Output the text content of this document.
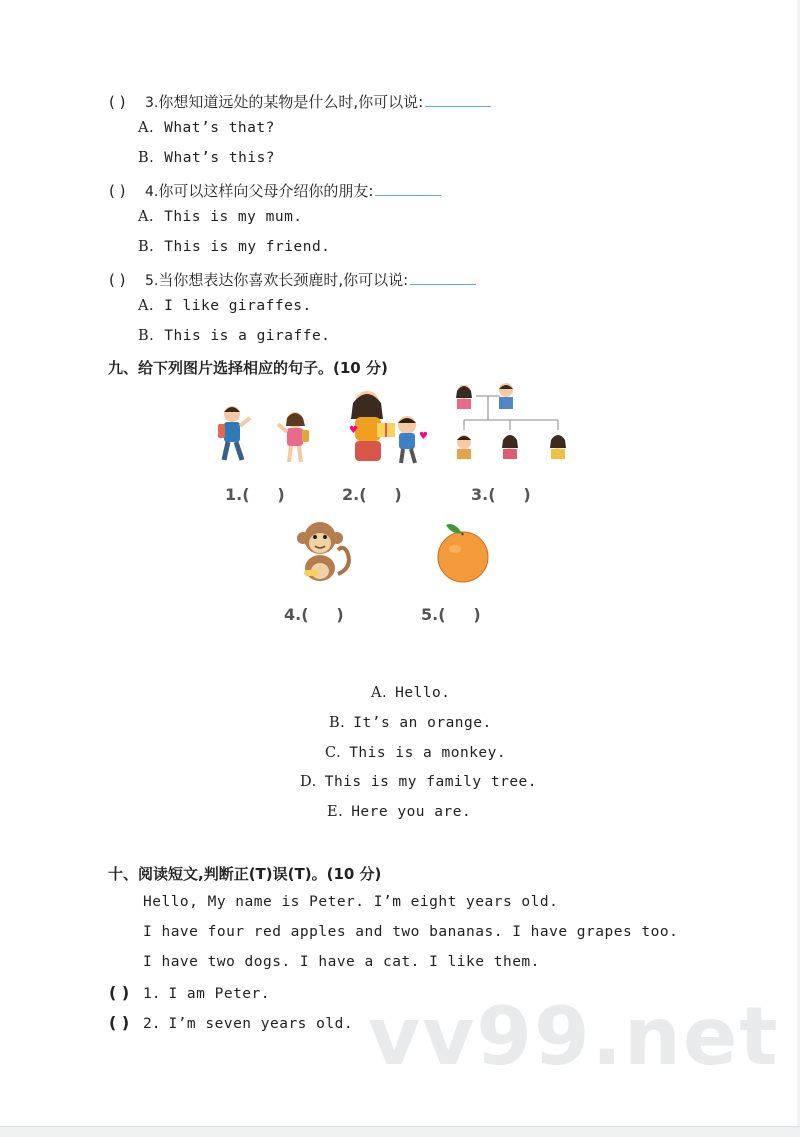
( )	3. 你想知道远处的某物是什么时,你可以说:
A. What’s that?
B. What’s this?
( )	4. 你可以这样向父母介绍你的朋友:
A. This is my mum.
B. This is my friend.
( )	5. 当你想表达你喜欢长颈鹿时,你可以说:
A. I like giraffes.
B. This is a giraffe.
九、给下列图片选择相应的句子。(10 分)
♥
♥
1.(     )	2.(     )	3.(     )
4.(     )	5.(     )
A. Hello.
B. It’s an orange.
C. This is a monkey.
D. This is my family tree.
E. Here you are.
十、阅读短文,判断正(T)误(T)。(10 分)
Hello, My name is Peter. I’m eight years old.
I have four red apples and two bananas. I have grapes too.
I have two dogs. I have a cat. I like them.
( ) 1. I am Peter.
( ) 2. I’m seven years old. vv99.net
